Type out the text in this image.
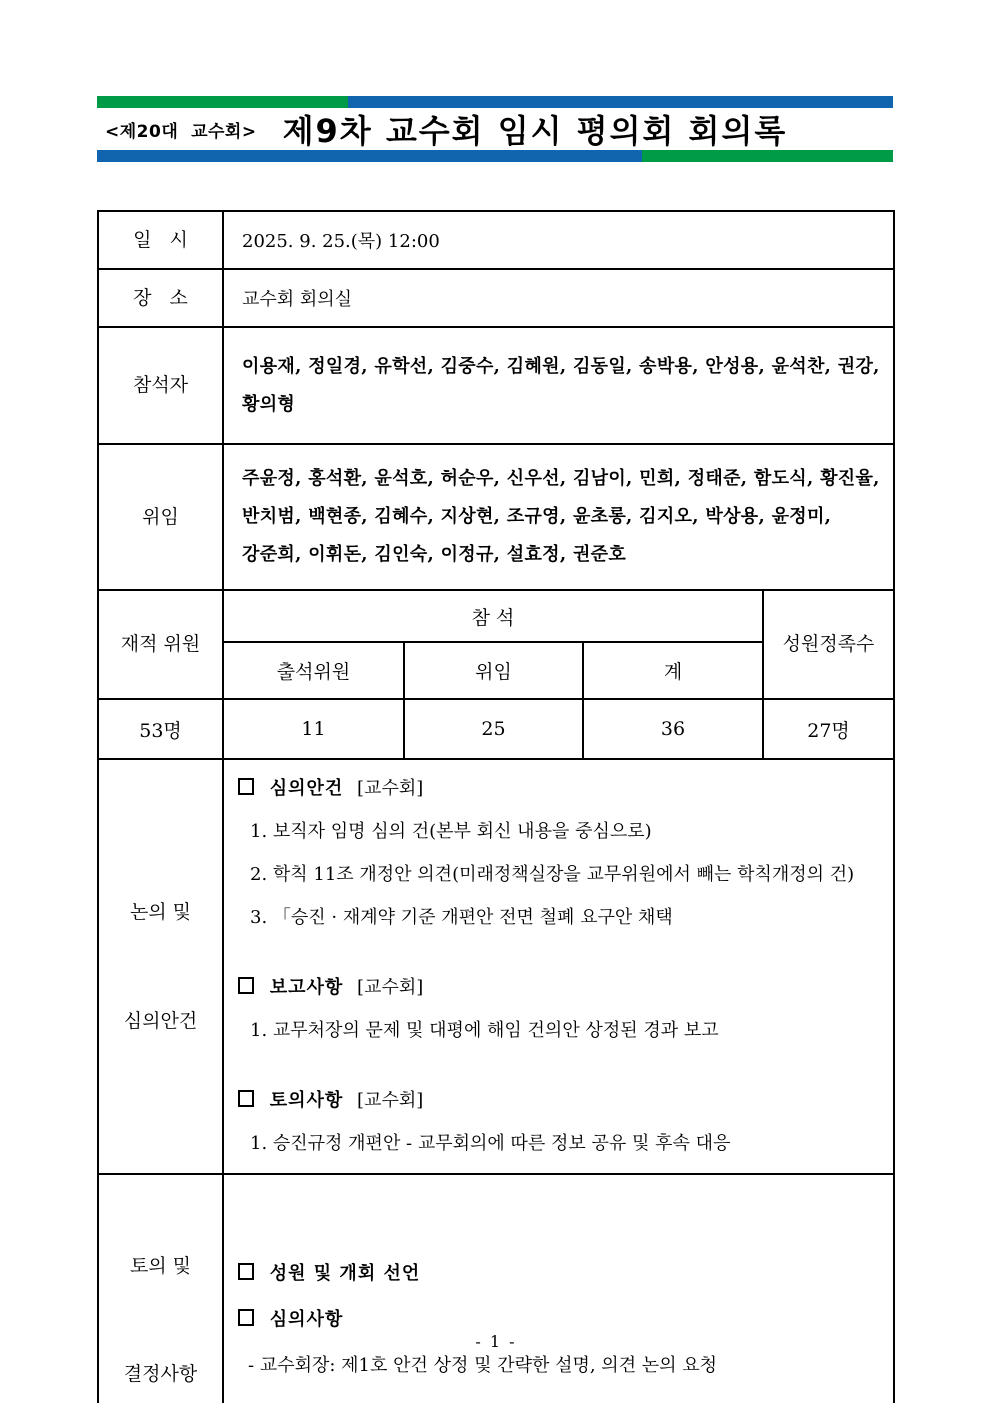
<제20대  교수회> 제9차 교수회 임시 평의회 회의록
일   시	2025. 9. 25.(목) 12:00			
장   소	교수회 회의실			
참석자	이용재, 정일경, 유학선, 김중수, 김혜원, 김동일, 송박용, 안성용, 윤석찬, 권강, 황의형			
위임	주윤정, 홍석환, 윤석호, 허순우, 신우선, 김남이, 민희, 정태준, 함도식, 황진율, 반치범, 백현종, 김혜수, 지상현, 조규영, 윤초롱, 김지오, 박상용, 윤정미, 강준희, 이휘돈, 김인숙, 이정규, 설효정, 권준호			
재적 위원	참 석			성원정족수
	출석위원	위임	계	
53명	11	25	36	27명

논의 및

심의안건

심의안건 [교수회]
1. 보직자 임명 심의 건(본부 회신 내용을 중심으로)
2. 학칙 11조 개정안 의견(미래정책실장을 교무위원에서 빼는 학칙개정의 건)
3. 「승진 · 재계약 기준 개편안 전면 철폐 요구안 채택
보고사항 [교수회]
1. 교무처장의 문제 및 대평에 해임 건의안 상정된 경과 보고
토의사항 [교수회]
1. 승진규정 개편안 - 교무회의에 따른 정보 공유 및 후속 대응

토의 및

결정사항

성원 및 개회 선언
심의사항
- 교수회장: 제1호 안건 상정 및 간략한 설명, 의견 논의 요청
- 1 -
